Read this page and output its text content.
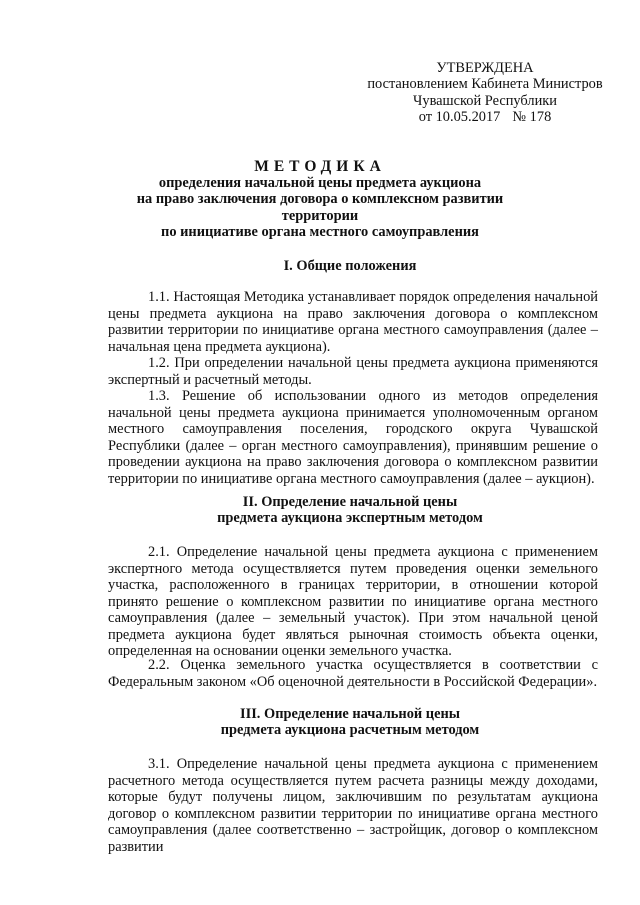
УТВЕРЖДЕНА
постановлением Кабинета Министров
Чувашской Республики
от 10.05.2017 № 178
МЕТОДИКА
определения начальной цены предмета аукциона
на право заключения договора о комплексном развитии территории
по инициативе органа местного самоуправления
I. Общие положения

1.1. Настоящая Методика устанавливает порядок определения начальной цены предмета аукциона на право заключения договора о комплексном развитии территории по инициативе органа местного самоуправления (далее – начальная цена предмета аукциона).

1.2. При определении начальной цены предмета аукциона применяются экспертный и расчетный методы.

1.3. Решение об использовании одного из методов определения начальной цены предмета аукциона принимается уполномоченным органом местного самоуправления поселения, городского округа Чувашской Республики (далее – орган местного самоуправления), принявшим решение о проведении аукциона на право заключения договора о комплексном развитии территории по инициативе органа местного самоуправления (далее – аукцион).

II. Определение начальной цены
предмета аукциона экспертным методом

2.1. Определение начальной цены предмета аукциона с применением экспертного метода осуществляется путем проведения оценки земельного участка, расположенного в границах территории, в отношении которой принято решение о комплексном развитии по инициативе органа местного самоуправления (далее – земельный участок). При этом начальной ценой предмета аукциона будет являться рыночная стоимость объекта оценки, определенная на основании оценки земельного участка.

2.2. Оценка земельного участка осуществляется в соответствии с Федеральным законом «Об оценочной деятельности в Российской Федерации».

III. Определение начальной цены
предмета аукциона расчетным методом

3.1. Определение начальной цены предмета аукциона с применением расчетного метода осуществляется путем расчета разницы между доходами, которые будут получены лицом, заключившим по результатам аукциона договор о комплексном развитии территории по инициативе органа местного самоуправления (далее соответственно – застройщик, договор о комплексном развитии
